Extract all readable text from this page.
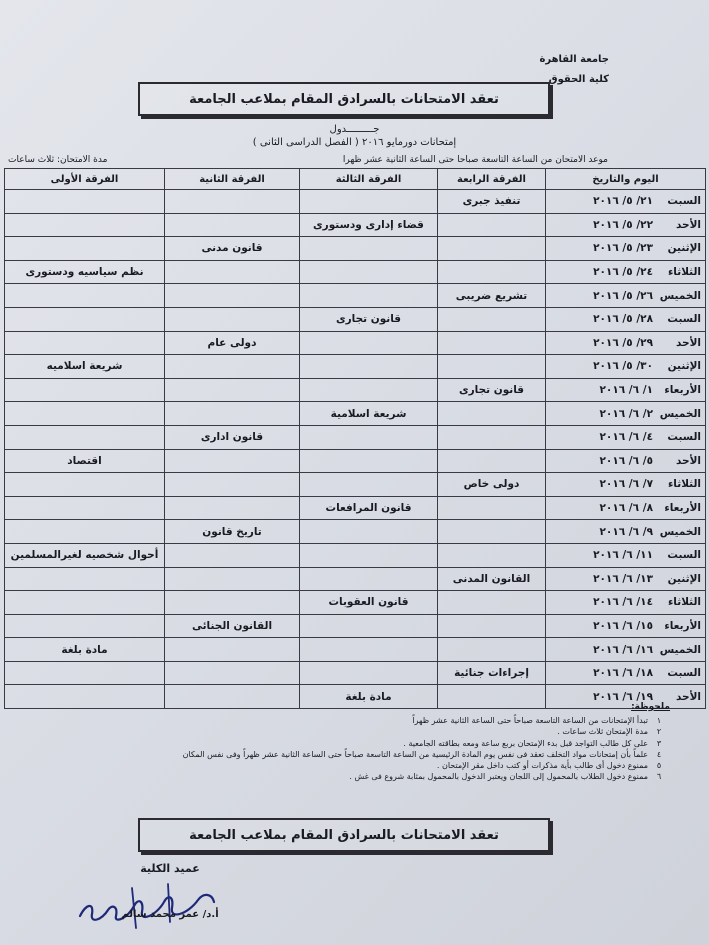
جامعة القاهرة
كلية الحقوق
تعقد الامتحانات بالسرادق المقام بملاعب الجامعة
جـــــــــدول
إمتحانات دورمايو ٢٠١٦ ( الفصل الدراسى الثانى )
موعد الامتحان من الساعة التاسعة صباحا حتى الساعة الثانية عشر ظهرا
مدة الامتحان: ثلاث ساعات
اليوم والتاريخ	الفرقة الرابعة	الفرقة الثالثة	الفرقة الثانية	الفرقة الأولى
السبت٢١/ ٥/ ٢٠١٦	تنفيذ جبرى			
الأحد٢٢/ ٥/ ٢٠١٦		قضاء إدارى ودستورى		
الإثنين٢٣/ ٥/ ٢٠١٦			قانون مدنى	
الثلاثاء٢٤/ ٥/ ٢٠١٦				نظم سياسيه ودستورى
الخميس٢٦/ ٥/ ٢٠١٦	تشريع ضريبى			
السبت٢٨/ ٥/ ٢٠١٦		قانون تجارى		
الأحد٢٩/ ٥/ ٢٠١٦			دولى عام	
الإثنين٣٠/ ٥/ ٢٠١٦				شريعة اسلاميه
الأربعاء١/ ٦/ ٢٠١٦	قانون تجارى			
الخميس٢/ ٦/ ٢٠١٦		شريعة اسلامية		
السبت٤/ ٦/ ٢٠١٦			قانون ادارى	
الأحد٥/ ٦/ ٢٠١٦				اقتصاد
الثلاثاء٧/ ٦/ ٢٠١٦	دولى خاص			
الأربعاء٨/ ٦/ ٢٠١٦		قانون المرافعات		
الخميس٩/ ٦/ ٢٠١٦			تاريخ قانون	
السبت١١/ ٦/ ٢٠١٦				أحوال شخصيه لغيرالمسلمين
الإثنين١٣/ ٦/ ٢٠١٦	القانون المدنى			
الثلاثاء١٤/ ٦/ ٢٠١٦		قانون العقوبات		
الأربعاء١٥/ ٦/ ٢٠١٦			القانون الجنائى	
الخميس١٦/ ٦/ ٢٠١٦				مادة بلغة
السبت١٨/ ٦/ ٢٠١٦	إجراءات جنائية			
الأحد١٩/ ٦/ ٢٠١٦		مادة بلغة		
ملحوظة:
١
تبدأ الإمتحانات من الساعة التاسعة صباحاً حتى الساعة الثانية عشر ظهراً
٢
مدة الإمتحان ثلاث ساعات .
٣
على كل طالب التواجد قبل بدء الإمتحان بربع ساعة ومعه بطاقته الجامعية .
٤
علماً بأن إمتحانات مواد التخلف تعقد فى نفس يوم المادة الرئيسية من الساعة التاسعة صباحاً حتى الساعة الثانية عشر ظهراً وفى نفس المكان
٥
ممنوع دخول أى طالب بأية مذكرات أو كتب داخل مقر الإمتحان .
٦
ممنوع دخول الطلاب بالمحمول إلى اللجان ويعتبر الدخول بالمحمول بمثابة شروع فى غش .
تعقد الامتحانات بالسرادق المقام بملاعب الجامعة
عميد الكلية
أ.د/ عمر محمد سالم
